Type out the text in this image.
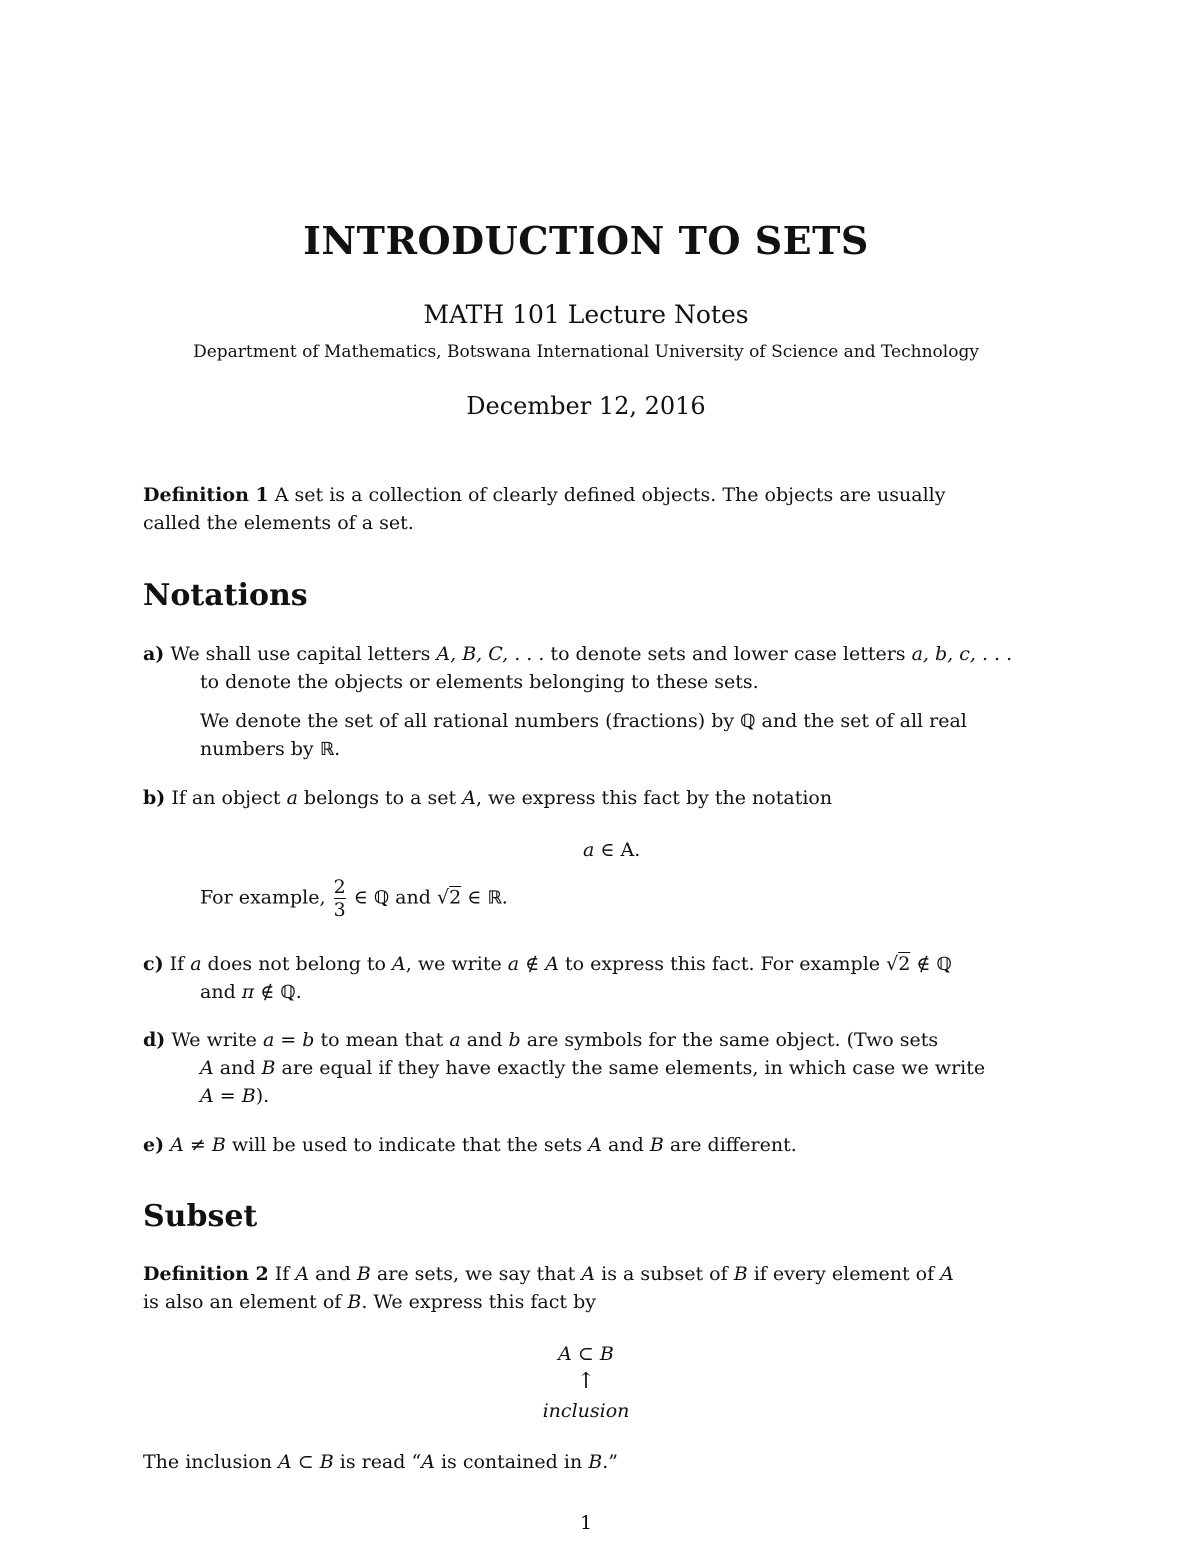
INTRODUCTION TO SETS
MATH 101 Lecture Notes
Department of Mathematics, Botswana International University of Science and Technology
December 12, 2016
Definition 1 A set is a collection of clearly defined objects. The objects are usually
called the elements of a set.
Notations
a) We shall use capital letters A, B, C, . . . to denote sets and lower case letters a, b, c, . . .
to denote the objects or elements belonging to these sets.
We denote the set of all rational numbers (fractions) by ℚ and the set of all real
numbers by ℝ.
b) If an object a belongs to a set A, we express this fact by the notation
a ∈ A.
For example, $\frac{2}{3}$ ∈ ℚ and √2 ∈ ℝ.
c) If a does not belong to A, we write a ∉ A to express this fact. For example √2 ∉ ℚ
and π ∉ ℚ.
d) We write a = b to mean that a and b are symbols for the same object. (Two sets
A and B are equal if they have exactly the same elements, in which case we write
A = B).
e) A ≠ B will be used to indicate that the sets A and B are different.
Subset
Definition 2 If A and B are sets, we say that A is a subset of B if every element of A
is also an element of B. We express this fact by
A ⊂ B
↑
inclusion
The inclusion A ⊂ B is read “A is contained in B.”
1
